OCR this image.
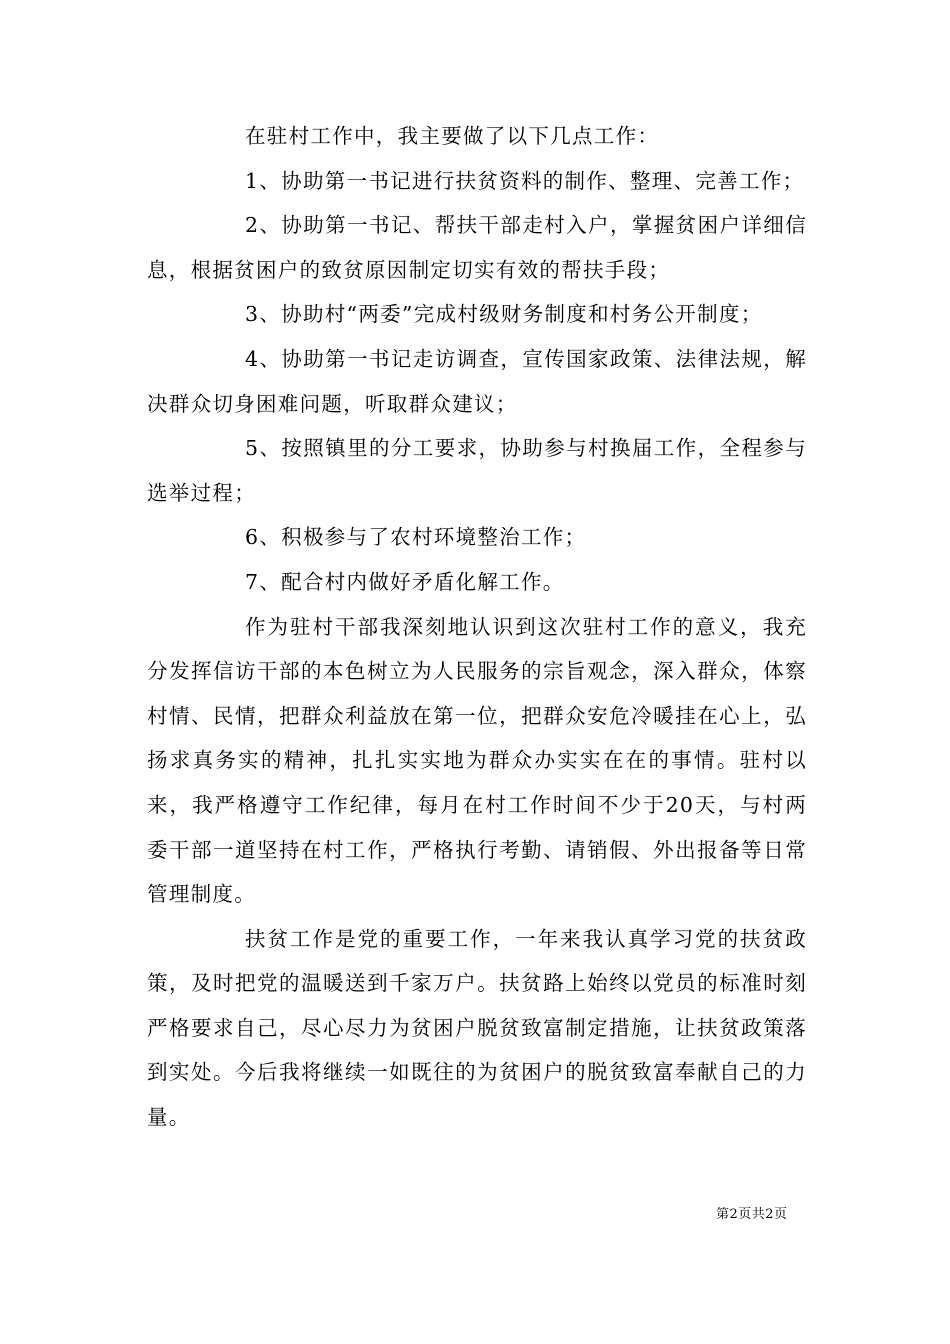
在驻村工作中，我主要做了以下几点工作：

1、协助第一书记进行扶贫资料的制作、整理、完善工作；

2、协助第一书记、帮扶干部走村入户，掌握贫困户详细信息，根据贫困户的致贫原因制定切实有效的帮扶手段；

3、协助村“两委”完成村级财务制度和村务公开制度；

4、协助第一书记走访调查，宣传国家政策、法律法规，解决群众切身困难问题，听取群众建议；

5、按照镇里的分工要求，协助参与村换届工作，全程参与选举过程；

6、积极参与了农村环境整治工作；

7、配合村内做好矛盾化解工作。

作为驻村干部我深刻地认识到这次驻村工作的意义，我充分发挥信访干部的本色树立为人民服务的宗旨观念，深入群众，体察村情、民情，把群众利益放在第一位，把群众安危冷暖挂在心上，弘扬求真务实的精神，扎扎实实地为群众办实实在在的事情。驻村以来，我严格遵守工作纪律，每月在村工作时间不少于20天，与村两委干部一道坚持在村工作，严格执行考勤、请销假、外出报备等日常管理制度。

扶贫工作是党的重要工作，一年来我认真学习党的扶贫政策，及时把党的温暖送到千家万户。扶贫路上始终以党员的标准时刻严格要求自己，尽心尽力为贫困户脱贫致富制定措施，让扶贫政策落到实处。今后我将继续一如既往的为贫困户的脱贫致富奉献自己的力量。

第2页共2页
